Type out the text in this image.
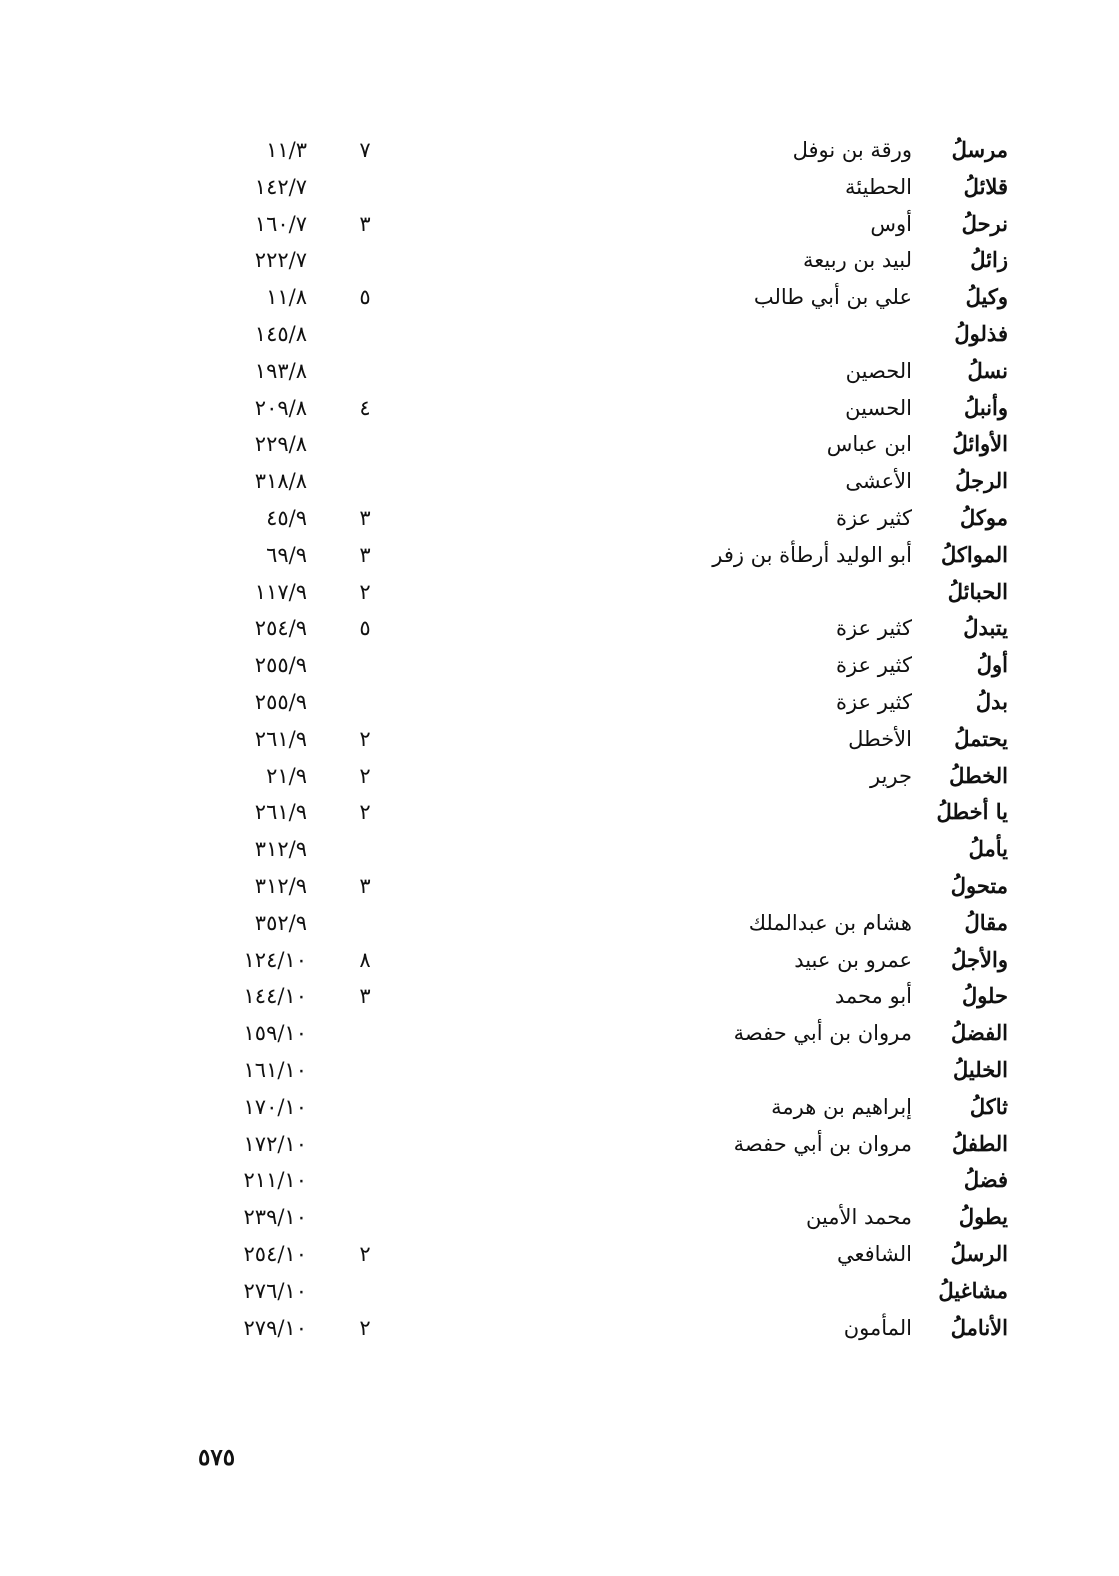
مرسلُ
ورقة بن نوفل
٧
١١/٣
قلائلُ
الحطيئة
١٤٢/٧
نرحلُ
أوس
٣
١٦٠/٧
زائلُ
لبيد بن ربيعة
٢٢٢/٧
وكيلُ
علي بن أبي طالب
٥
١١/٨
فذلولُ
١٤٥/٨
نسلُ
الحصين
١٩٣/٨
وأنبلُ
الحسين
٤
٢٠٩/٨
الأوائلُ
ابن عباس
٢٢٩/٨
الرجلُ
الأعشى
٣١٨/٨
موكلُ
كثير عزة
٣
٤٥/٩
المواكلُ
أبو الوليد أرطأة بن زفر
٣
٦٩/٩
الحبائلُ
٢
١١٧/٩
يتبدلُ
كثير عزة
٥
٢٥٤/٩
أولُ
كثير عزة
٢٥٥/٩
بدلُ
كثير عزة
٢٥٥/٩
يحتملُ
الأخطل
٢
٢٦١/٩
الخطلُ
جرير
٢
٢١/٩
يا أخطلُ
٢
٢٦١/٩
يأملُ
٣١٢/٩
متحولُ
٣
٣١٢/٩
مقالُ
هشام بن عبدالملك
٣٥٢/٩
والأجلُ
عمرو بن عبيد
٨
١٢٤/١٠
حلولُ
أبو محمد
٣
١٤٤/١٠
الفضلُ
مروان بن أبي حفصة
١٥٩/١٠
الخليلُ
١٦١/١٠
ثاكلُ
إبراهيم بن هرمة
١٧٠/١٠
الطفلُ
مروان بن أبي حفصة
١٧٢/١٠
فضلُ
٢١١/١٠
يطولُ
محمد الأمين
٢٣٩/١٠
الرسلُ
الشافعي
٢
٢٥٤/١٠
مشاغيلُ
٢٧٦/١٠
الأناملُ
المأمون
٢
٢٧٩/١٠
٥٧٥
